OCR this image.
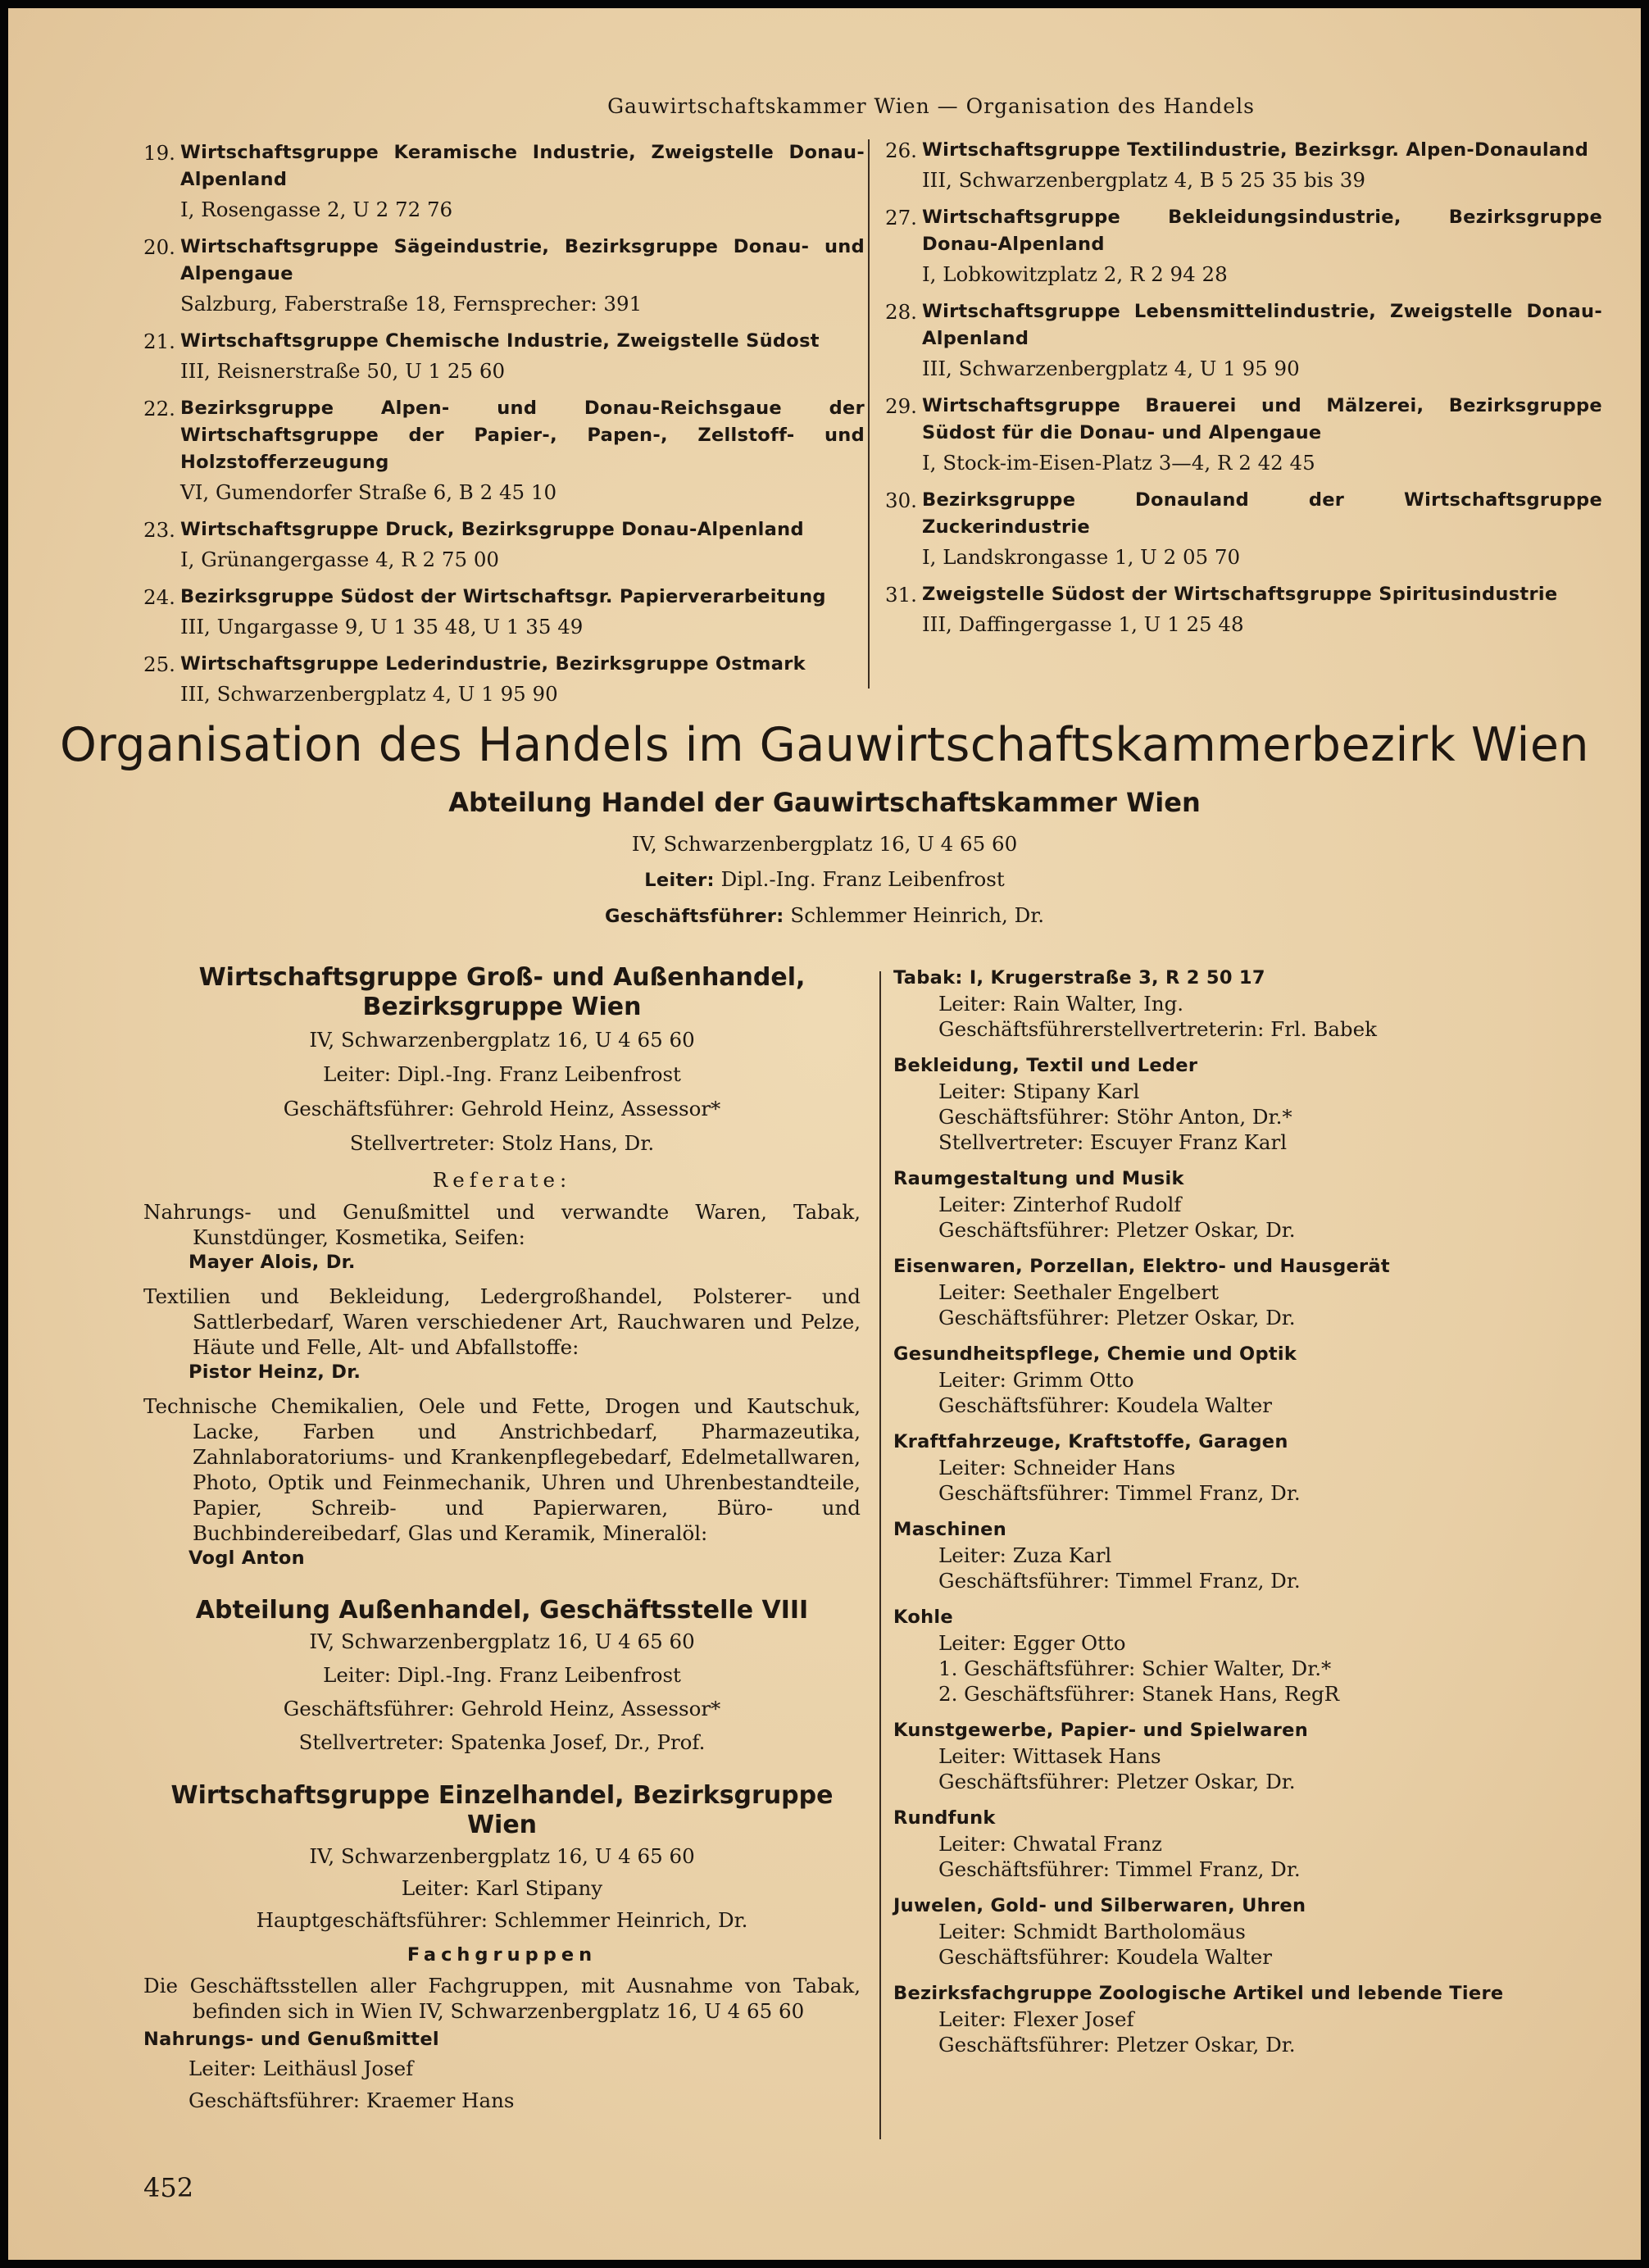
Gauwirtschaftskammer Wien — Organisation des Handels
19. Wirtschaftsgruppe Keramische Industrie, Zweigstelle Donau-Alpenland
I, Rosengasse 2, U 2 72 76
20. Wirtschaftsgruppe Sägeindustrie, Bezirksgruppe Donau- und Alpengaue
Salzburg, Faberstraße 18, Fernsprecher: 391
21. Wirtschaftsgruppe Chemische Industrie, Zweigstelle Südost
III, Reisnerstraße 50, U 1 25 60
22. Bezirksgruppe Alpen- und Donau-Reichsgaue der Wirtschaftsgruppe der Papier-, Papen-, Zellstoff- und Holzstofferzeugung
VI, Gumendorfer Straße 6, B 2 45 10
23. Wirtschaftsgruppe Druck, Bezirksgruppe Donau-Alpenland
I, Grünangergasse 4, R 2 75 00
24. Bezirksgruppe Südost der Wirtschaftsgr. Papierverarbeitung
III, Ungargasse 9, U 1 35 48, U 1 35 49
25. Wirtschaftsgruppe Lederindustrie, Bezirksgruppe Ostmark
III, Schwarzenbergplatz 4, U 1 95 90
26. Wirtschaftsgruppe Textilindustrie, Bezirksgr. Alpen-Donauland
III, Schwarzenbergplatz 4, B 5 25 35 bis 39
27. Wirtschaftsgruppe Bekleidungsindustrie, Bezirksgruppe Donau-Alpenland
I, Lobkowitzplatz 2, R 2 94 28
28. Wirtschaftsgruppe Lebensmittelindustrie, Zweigstelle Donau-Alpenland
III, Schwarzenbergplatz 4, U 1 95 90
29. Wirtschaftsgruppe Brauerei und Mälzerei, Bezirksgruppe Südost für die Donau- und Alpengaue
I, Stock-im-Eisen-Platz 3—4, R 2 42 45
30. Bezirksgruppe Donauland der Wirtschaftsgruppe Zuckerindustrie
I, Landskrongasse 1, U 2 05 70
31. Zweigstelle Südost der Wirtschaftsgruppe Spiritusindustrie
III, Daffingergasse 1, U 1 25 48
Organisation des Handels im Gauwirtschaftskammerbezirk Wien
Abteilung Handel der Gauwirtschaftskammer Wien
IV, Schwarzenbergplatz 16, U 4 65 60
Leiter: Dipl.-Ing. Franz Leibenfrost
Geschäftsführer: Schlemmer Heinrich, Dr.
Wirtschaftsgruppe Groß- und Außenhandel,
Bezirksgruppe Wien
IV, Schwarzenbergplatz 16, U 4 65 60
Leiter: Dipl.-Ing. Franz Leibenfrost
Geschäftsführer: Gehrold Heinz, Assessor*
Stellvertreter: Stolz Hans, Dr.
Referate:
Nahrungs- und Genußmittel und verwandte Waren, Tabak, Kunstdünger, Kosmetika, Seifen:
Mayer Alois, Dr.
Textilien und Bekleidung, Ledergroßhandel, Polsterer- und Sattlerbedarf, Waren verschiedener Art, Rauchwaren und Pelze, Häute und Felle, Alt- und Abfallstoffe:
Pistor Heinz, Dr.
Technische Chemikalien, Oele und Fette, Drogen und Kautschuk, Lacke, Farben und Anstrichbedarf, Pharmazeutika, Zahnlaboratoriums- und Krankenpflegebedarf, Edelmetallwaren, Photo, Optik und Feinmechanik, Uhren und Uhrenbestandteile, Papier, Schreib- und Papierwaren, Büro- und Buchbindereibedarf, Glas und Keramik, Mineralöl:
Vogl Anton
Abteilung Außenhandel, Geschäftsstelle VIII
IV, Schwarzenbergplatz 16, U 4 65 60
Leiter: Dipl.-Ing. Franz Leibenfrost
Geschäftsführer: Gehrold Heinz, Assessor*
Stellvertreter: Spatenka Josef, Dr., Prof.
Wirtschaftsgruppe Einzelhandel, Bezirksgruppe Wien
IV, Schwarzenbergplatz 16, U 4 65 60
Leiter: Karl Stipany
Hauptgeschäftsführer: Schlemmer Heinrich, Dr.
Fachgruppen
Die Geschäftsstellen aller Fachgruppen, mit Ausnahme von Tabak, befinden sich in Wien IV, Schwarzenbergplatz 16, U 4 65 60
Nahrungs- und Genußmittel
Leiter: Leithäusl Josef
Geschäftsführer: Kraemer Hans
Tabak: I, Krugerstraße 3, R 2 50 17
Leiter: Rain Walter, Ing.
Geschäftsführerstellvertreterin: Frl. Babek
Bekleidung, Textil und Leder
Leiter: Stipany Karl
Geschäftsführer: Stöhr Anton, Dr.*
Stellvertreter: Escuyer Franz Karl
Raumgestaltung und Musik
Leiter: Zinterhof Rudolf
Geschäftsführer: Pletzer Oskar, Dr.
Eisenwaren, Porzellan, Elektro- und Hausgerät
Leiter: Seethaler Engelbert
Geschäftsführer: Pletzer Oskar, Dr.
Gesundheitspflege, Chemie und Optik
Leiter: Grimm Otto
Geschäftsführer: Koudela Walter
Kraftfahrzeuge, Kraftstoffe, Garagen
Leiter: Schneider Hans
Geschäftsführer: Timmel Franz, Dr.
Maschinen
Leiter: Zuza Karl
Geschäftsführer: Timmel Franz, Dr.
Kohle
Leiter: Egger Otto
1. Geschäftsführer: Schier Walter, Dr.*
2. Geschäftsführer: Stanek Hans, RegR
Kunstgewerbe, Papier- und Spielwaren
Leiter: Wittasek Hans
Geschäftsführer: Pletzer Oskar, Dr.
Rundfunk
Leiter: Chwatal Franz
Geschäftsführer: Timmel Franz, Dr.
Juwelen, Gold- und Silberwaren, Uhren
Leiter: Schmidt Bartholomäus
Geschäftsführer: Koudela Walter
Bezirksfachgruppe Zoologische Artikel und lebende Tiere
Leiter: Flexer Josef
Geschäftsführer: Pletzer Oskar, Dr.
452
